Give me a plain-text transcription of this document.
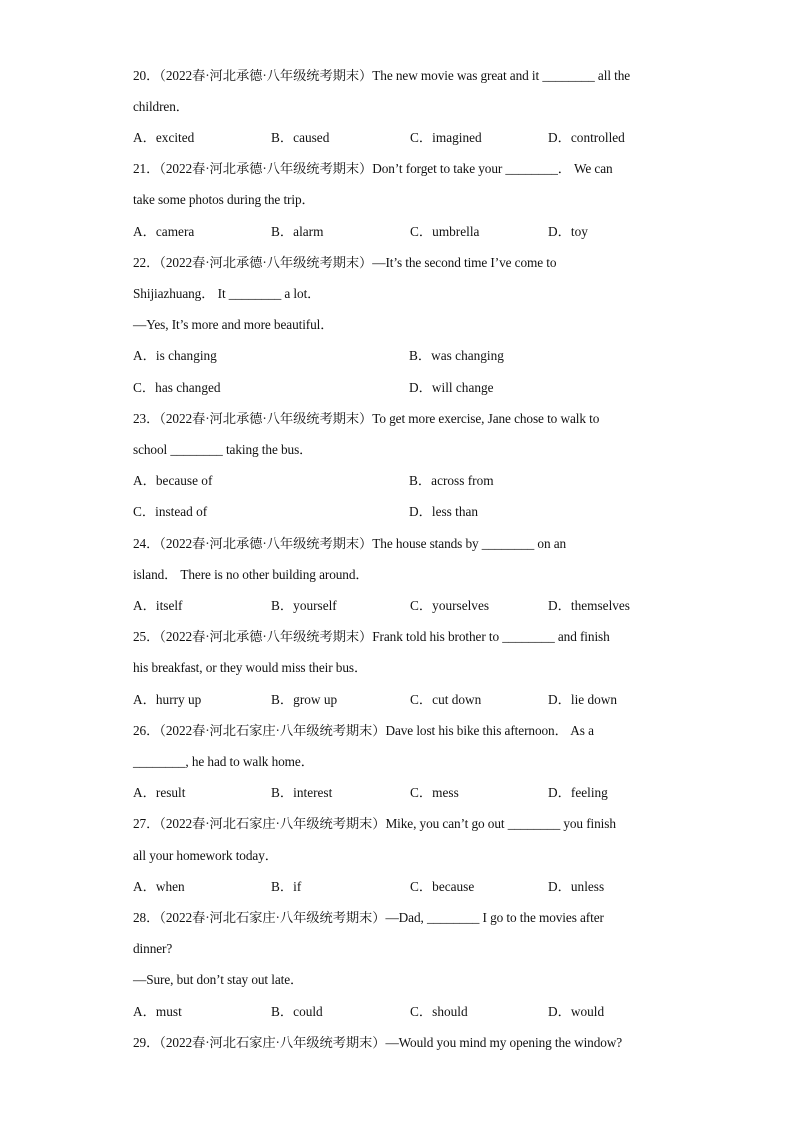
20．（2022春·河北承德·八年级统考期末）The new movie was great and it ________ all the
children．
A．excited	B．caused	C．imagined	D．controlled
21．（2022春·河北承德·八年级统考期末）Don’t forget to take your ________． We can
take some photos during the trip．
A．camera	B．alarm	C．umbrella	D．toy
22．（2022春·河北承德·八年级统考期末）—It’s the second time I’ve come to
Shijiazhuang． It ________ a lot．
—Yes, It’s more and more beautiful．
A．is changing	B．was changing
C．has changed	D．will change
23．（2022春·河北承德·八年级统考期末）To get more exercise, Jane chose to walk to
school ________ taking the bus．
A．because of	B．across from
C．instead of	D．less than
24．（2022春·河北承德·八年级统考期末）The house stands by ________ on an
island． There is no other building around．
A．itself	B．yourself	C．yourselves	D．themselves
25．（2022春·河北承德·八年级统考期末）Frank told his brother to ________ and finish
his breakfast, or they would miss their bus．
A．hurry up	B．grow up	C．cut down	D．lie down
26．（2022春·河北石家庄·八年级统考期末）Dave lost his bike this afternoon． As a
________, he had to walk home．
A．result	B．interest	C．mess	D．feeling
27．（2022春·河北石家庄·八年级统考期末）Mike, you can’t go out ________ you finish
all your homework today．
A．when	B．if	C．because	D．unless
28．（2022春·河北石家庄·八年级统考期末）—Dad, ________ I go to the movies after
dinner?
—Sure, but don’t stay out late．
A．must	B．could	C．should	D．would
29．（2022春·河北石家庄·八年级统考期末）—Would you mind my opening the window?
